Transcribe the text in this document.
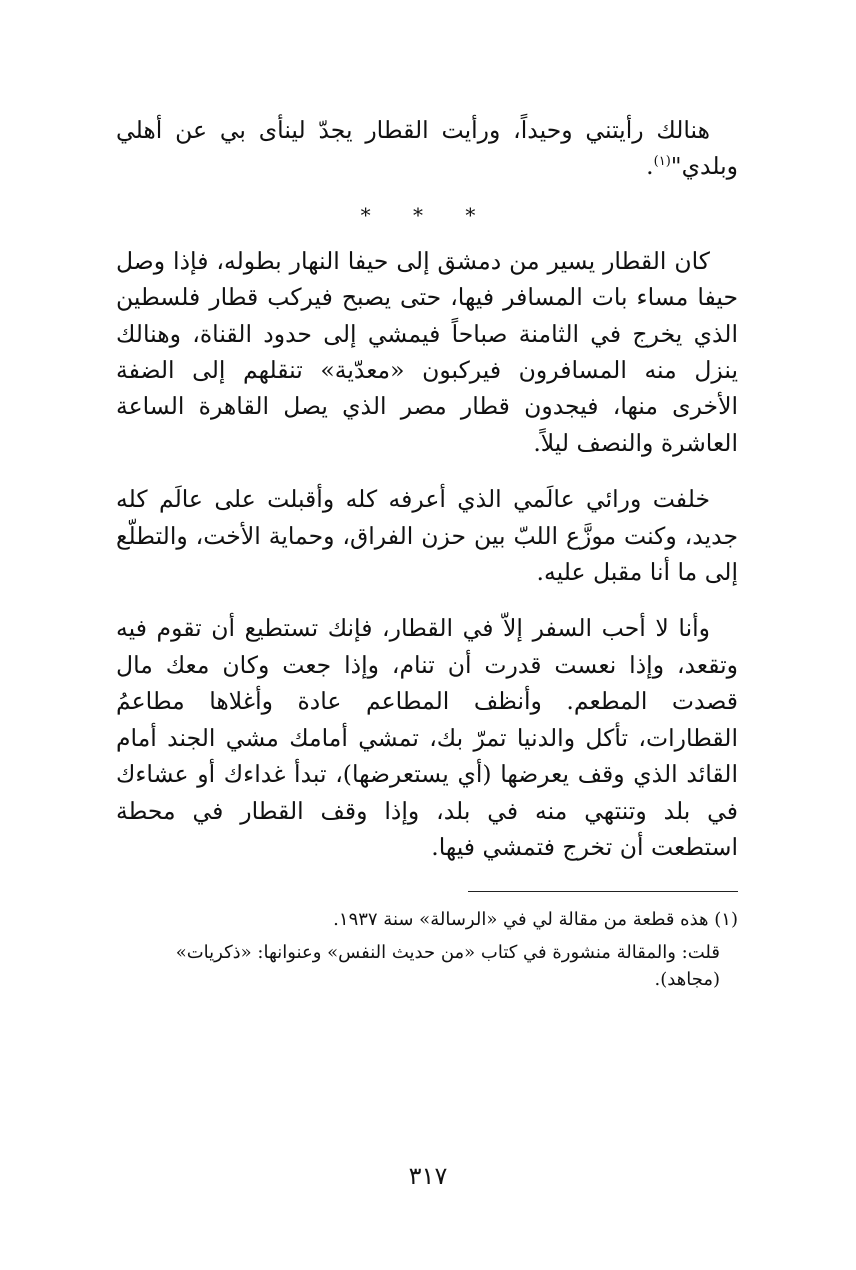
هنالك رأيتني وحيداً، ورأيت القطار يجدّ لينأى بي عن أهلي وبلدي"$^{(١)}$.

* * *

كان القطار يسير من دمشق إلى حيفا النهار بطوله، فإذا وصل حيفا مساء بات المسافر فيها، حتى يصبح فيركب قطار فلسطين الذي يخرج في الثامنة صباحاً فيمشي إلى حدود القناة، وهنالك ينزل منه المسافرون فيركبون «معدّية» تنقلهم إلى الضفة الأخرى منها، فيجدون قطار مصر الذي يصل القاهرة الساعة العاشرة والنصف ليلاً.

خلفت ورائي عالَمي الذي أعرفه كله وأقبلت على عالَم كله جديد، وكنت موزَّع اللبّ بين حزن الفراق، وحماية الأخت، والتطلّع إلى ما أنا مقبل عليه.

وأنا لا أحب السفر إلاّ في القطار، فإنك تستطيع أن تقوم فيه وتقعد، وإذا نعست قدرت أن تنام، وإذا جعت وكان معك مال قصدت المطعم. وأنظف المطاعم عادة وأغلاها مطاعمُ القطارات، تأكل والدنيا تمرّ بك، تمشي أمامك مشي الجند أمام القائد الذي وقف يعرضها (أي يستعرضها)، تبدأ غداءك أو عشاءك في بلد وتنتهي منه في بلد، وإذا وقف القطار في محطة استطعت أن تخرج فتمشي فيها.

(١) هذه قطعة من مقالة لي في «الرسالة» سنة ١٩٣٧.

قلت: والمقالة منشورة في كتاب «من حديث النفس» وعنوانها: «ذكريات» (مجاهد).

٣١٧
